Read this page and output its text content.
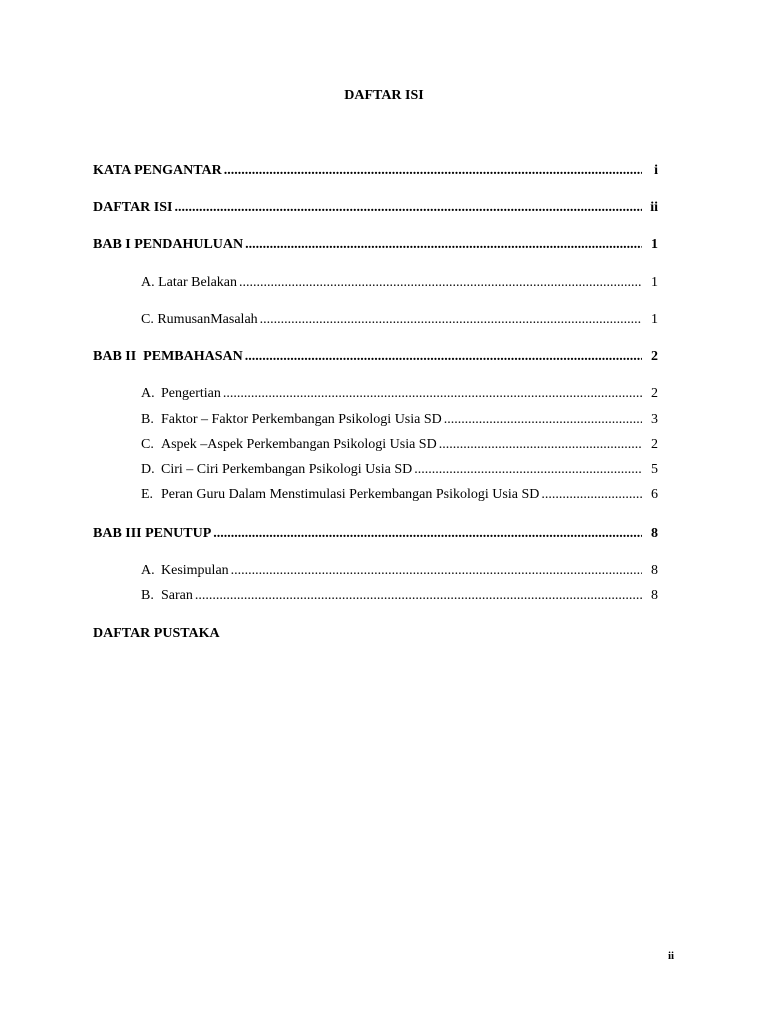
DAFTAR ISI
KATA PENGANTAR .....	i
DAFTAR ISI .....	ii
BAB I PENDAHULUAN .....	1
A. Latar Belakan .....	1
C. RumusanMasalah .....	1
BAB II  PEMBAHASAN .....	2
A. Pengertian .....	2
B. Faktor – Faktor Perkembangan Psikologi Usia SD .....	3
C. Aspek –Aspek Perkembangan Psikologi Usia SD .....	2
D. Ciri – Ciri Perkembangan Psikologi Usia SD .....	5
E. Peran Guru Dalam Menstimulasi Perkembangan Psikologi Usia SD .....	6
BAB III PENUTUP .....	8
A. Kesimpulan .....	8
B. Saran .....	8
DAFTAR PUSTAKA
ii
